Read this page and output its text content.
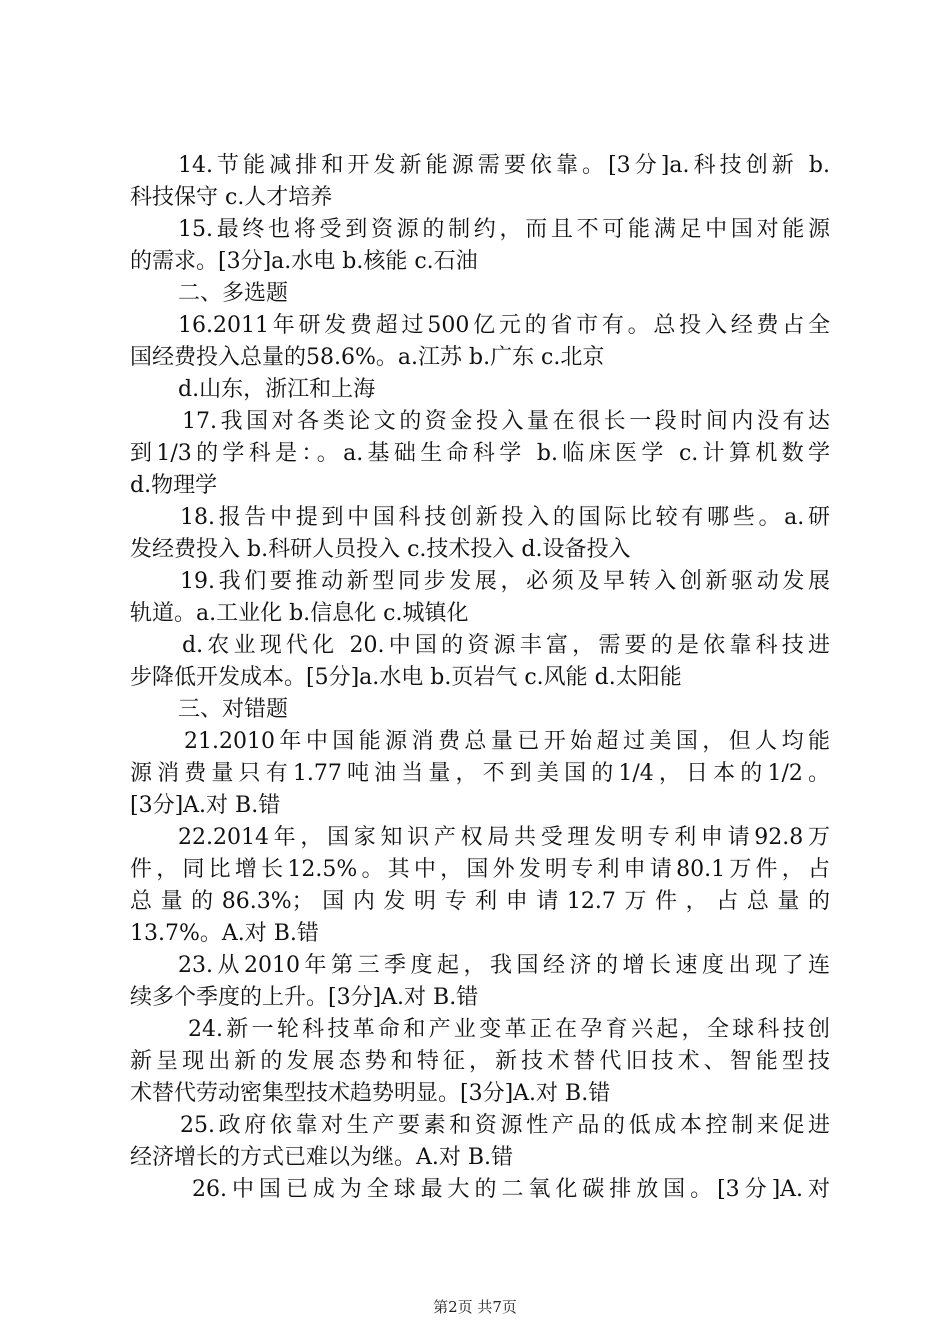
14.节能减排和开发新能源需要依靠。[3分]a.科技创新 b.
科技保守 c.人才培养
15.最终也将受到资源的制约，而且不可能满足中国对能源
的需求。[3分]a.水电 b.核能 c.石油
二、多选题
16.2011年研发费超过500亿元的省市有。总投入经费占全
国经费投入总量的58.6%。a.江苏 b.广东 c.北京
d.山东，浙江和上海
17.我国对各类论文的资金投入量在很长一段时间内没有达
到1/3的学科是：。a.基础生命科学 b.临床医学 c.计算机数学
d.物理学
18.报告中提到中国科技创新投入的国际比较有哪些。a.研
发经费投入 b.科研人员投入 c.技术投入 d.设备投入
19.我们要推动新型同步发展，必须及早转入创新驱动发展
轨道。a.工业化 b.信息化 c.城镇化
d.农业现代化 20.中国的资源丰富，需要的是依靠科技进
步降低开发成本。[5分]a.水电 b.页岩气 c.风能 d.太阳能
三、对错题
21.2010年中国能源消费总量已开始超过美国，但人均能
源消费量只有1.77吨油当量，不到美国的1/4，日本的1/2。
[3分]A.对 B.错
22.2014年，国家知识产权局共受理发明专利申请92.8万
件，同比增长12.5%。其中，国外发明专利申请80.1万件，占
总量的86.3%；国内发明专利申请12.7万件，占总量的
13.7%。A.对 B.错
23.从2010年第三季度起，我国经济的增长速度出现了连
续多个季度的上升。[3分]A.对 B.错
24.新一轮科技革命和产业变革正在孕育兴起，全球科技创
新呈现出新的发展态势和特征，新技术替代旧技术、智能型技
术替代劳动密集型技术趋势明显。[3分]A.对 B.错
25.政府依靠对生产要素和资源性产品的低成本控制来促进
经济增长的方式已难以为继。A.对 B.错
26.中国已成为全球最大的二氧化碳排放国。[3分]A.对
第2页 共7页
